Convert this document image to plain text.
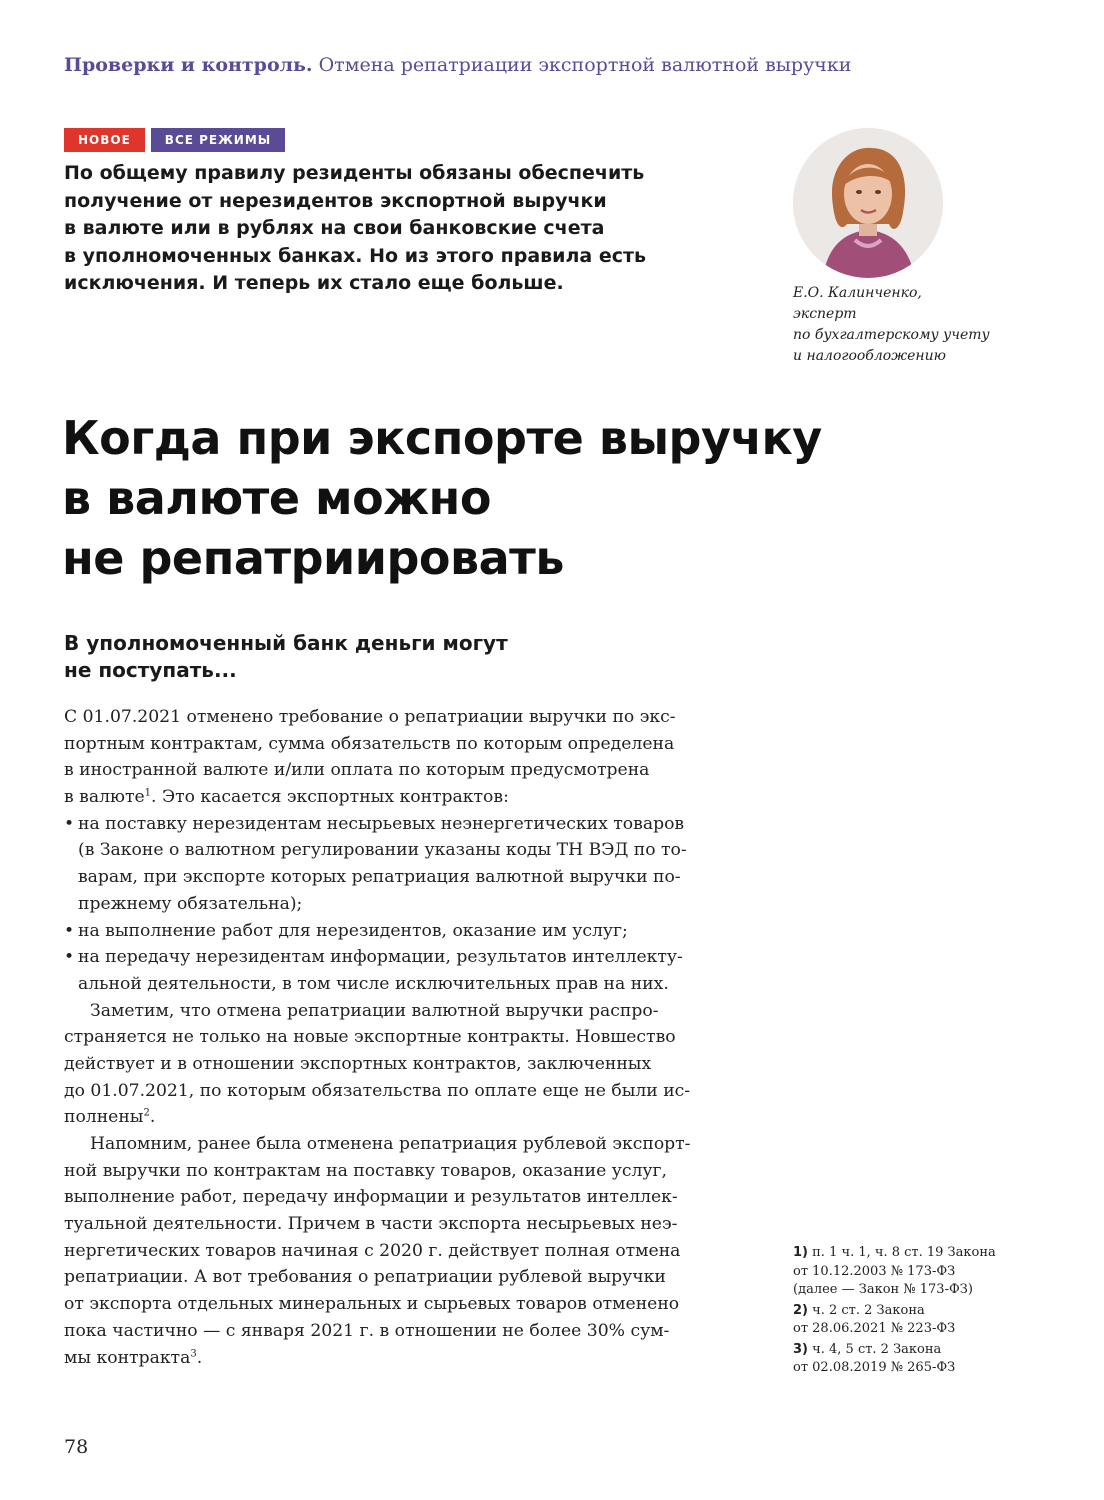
Проверки и контроль. Отмена репатриации экспортной валютной выручки
НОВОЕ	ВСЕ РЕЖИМЫ
По общему правилу резиденты обязаны обеспечить
получение от нерезидентов экспортной выручки
в валюте или в рублях на свои банковские счета
в уполномоченных банках. Но из этого правила есть
исключения. И теперь их стало еще больше.	Е.О. Калинченко,
эксперт
по бухгалтерскому учету
и налогообложению
Когда при экспорте выручку
в валюте можно
не репатриировать
В уполномоченный банк деньги могут
не поступать...
С 01.07.2021 отменено требование о репатриации выручки по экс-
портным контрактам, сумма обязательств по которым определена
в иностранной валюте и/или оплата по которым предусмотрена
в валюте$^1$. Это касается экспортных контрактов:
• на поставку нерезидентам несырьевых неэнергетических товаров
(в Законе о валютном регулировании указаны коды ТН ВЭД по то-
варам, при экспорте которых репатриация валютной выручки по-
прежнему обязательна);
• на выполнение работ для нерезидентов, оказание им услуг;
• на передачу нерезидентам информации, результатов интеллекту-
альной деятельности, в том числе исключительных прав на них.
Заметим, что отмена репатриации валютной выручки распро-
страняется не только на новые экспортные контракты. Новшество
действует и в отношении экспортных контрактов, заключенных
до 01.07.2021, по которым обязательства по оплате еще не были ис-
полнены$^2$.
Напомним, ранее была отменена репатриация рублевой экспорт-
ной выручки по контрактам на поставку товаров, оказание услуг,
выполнение работ, передачу информации и результатов интеллек-
туальной деятельности. Причем в части экспорта несырьевых неэ-
нергетических товаров начиная с 2020 г. действует полная отмена
репатриации. А вот требования о репатриации рублевой выручки
от экспорта отдельных минеральных и сырьевых товаров отменено
пока частично — с января 2021 г. в отношении не более 30% сум-
мы контракта$^3$.
1) п. 1 ч. 1, ч. 8 ст. 19 Закона
от 10.12.2003 № 173-ФЗ
(далее — Закон № 173-ФЗ)
2) ч. 2 ст. 2 Закона
от 28.06.2021 № 223-ФЗ
3) ч. 4, 5 ст. 2 Закона
от 02.08.2019 № 265-ФЗ
78
